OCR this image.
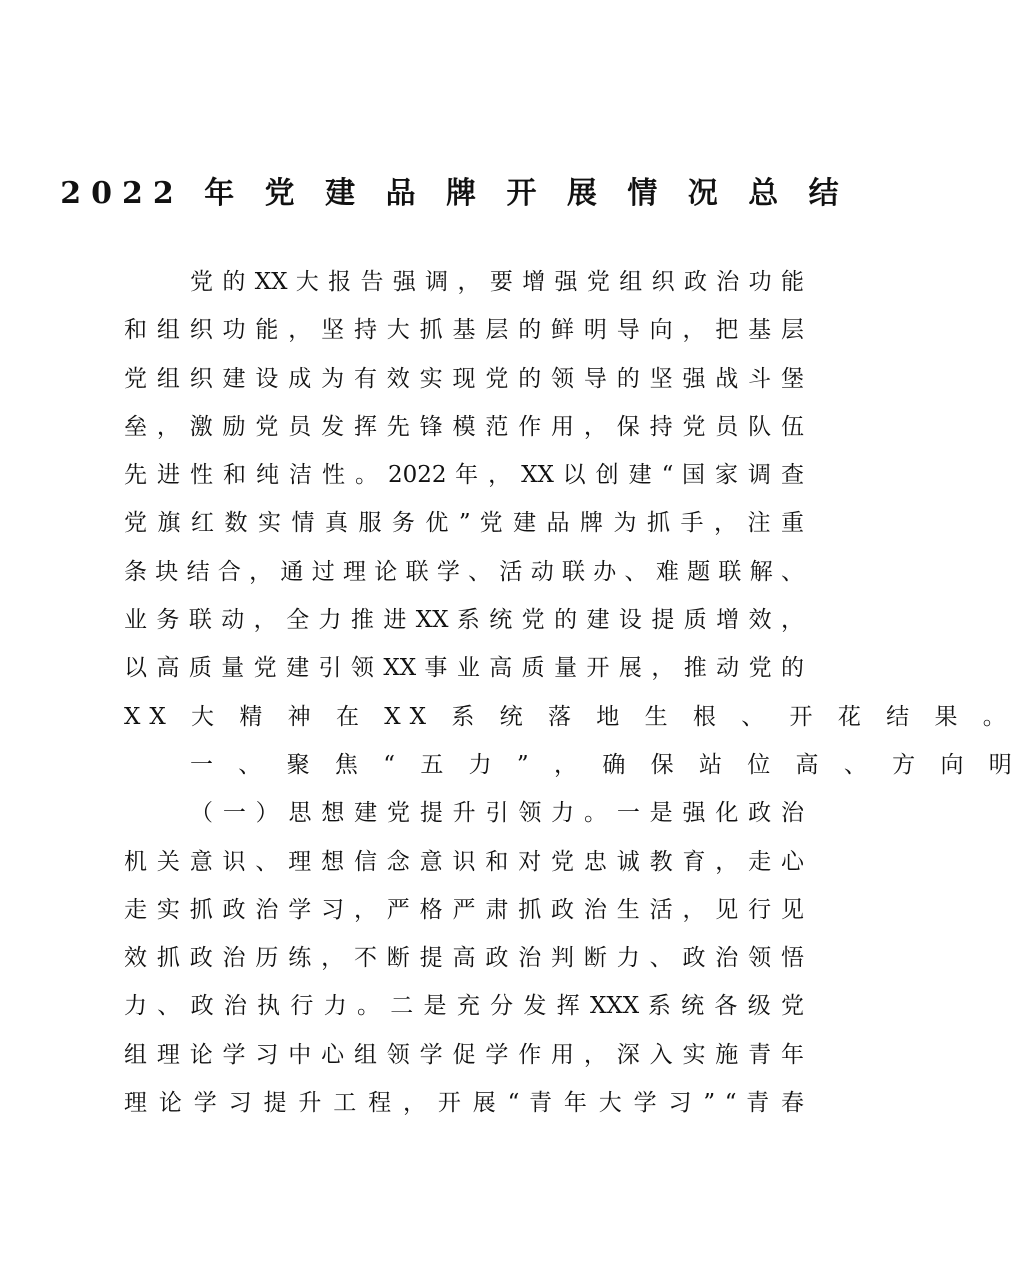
2022 年 党 建 品 牌 开 展 情 况 总 结
党 的 XX 大 报 告 强 调 ， 要 增 强 党 组 织 政 治 功 能
和 组 织 功 能 ， 坚 持 大 抓 基 层 的 鲜 明 导 向 ， 把 基 层
党 组 织 建 设 成 为 有 效 实 现 党 的 领 导 的 坚 强 战 斗 堡
垒 ， 激 励 党 员 发 挥 先 锋 模 范 作 用 ， 保 持 党 员 队 伍
先 进 性 和 纯 洁 性 。 2022 年 ， XX 以 创 建 “ 国 家 调 查
党 旗 红 数 实 情 真 服 务 优 ” 党 建 品 牌 为 抓 手 ， 注 重
条 块 结 合 ， 通 过 理 论 联 学 、 活 动 联 办 、 难 题 联 解 、
业 务 联 动 ， 全 力 推 进 XX 系 统 党 的 建 设 提 质 增 效 ，
以 高 质 量 党 建 引 领 XX 事 业 高 质 量 开 展 ， 推 动 党 的
XX 大 精 神 在 XX 系 统 落 地 生 根 、 开 花 结 果 。
一 、 聚 焦 “ 五 力 ” ， 确 保 站 位 高 、 方 向 明
（ 一 ） 思 想 建 党 提 升 引 领 力 。 一 是 强 化 政 治
机 关 意 识 、 理 想 信 念 意 识 和 对 党 忠 诚 教 育 ， 走 心
走 实 抓 政 治 学 习 ， 严 格 严 肃 抓 政 治 生 活 ， 见 行 见
效 抓 政 治 历 练 ， 不 断 提 高 政 治 判 断 力 、 政 治 领 悟
力 、 政 治 执 行 力 。 二 是 充 分 发 挥 XXX 系 统 各 级 党
组 理 论 学 习 中 心 组 领 学 促 学 作 用 ， 深 入 实 施 青 年
理 论 学 习 提 升 工 程 ， 开 展 “ 青 年 大 学 习 ” “ 青 春
